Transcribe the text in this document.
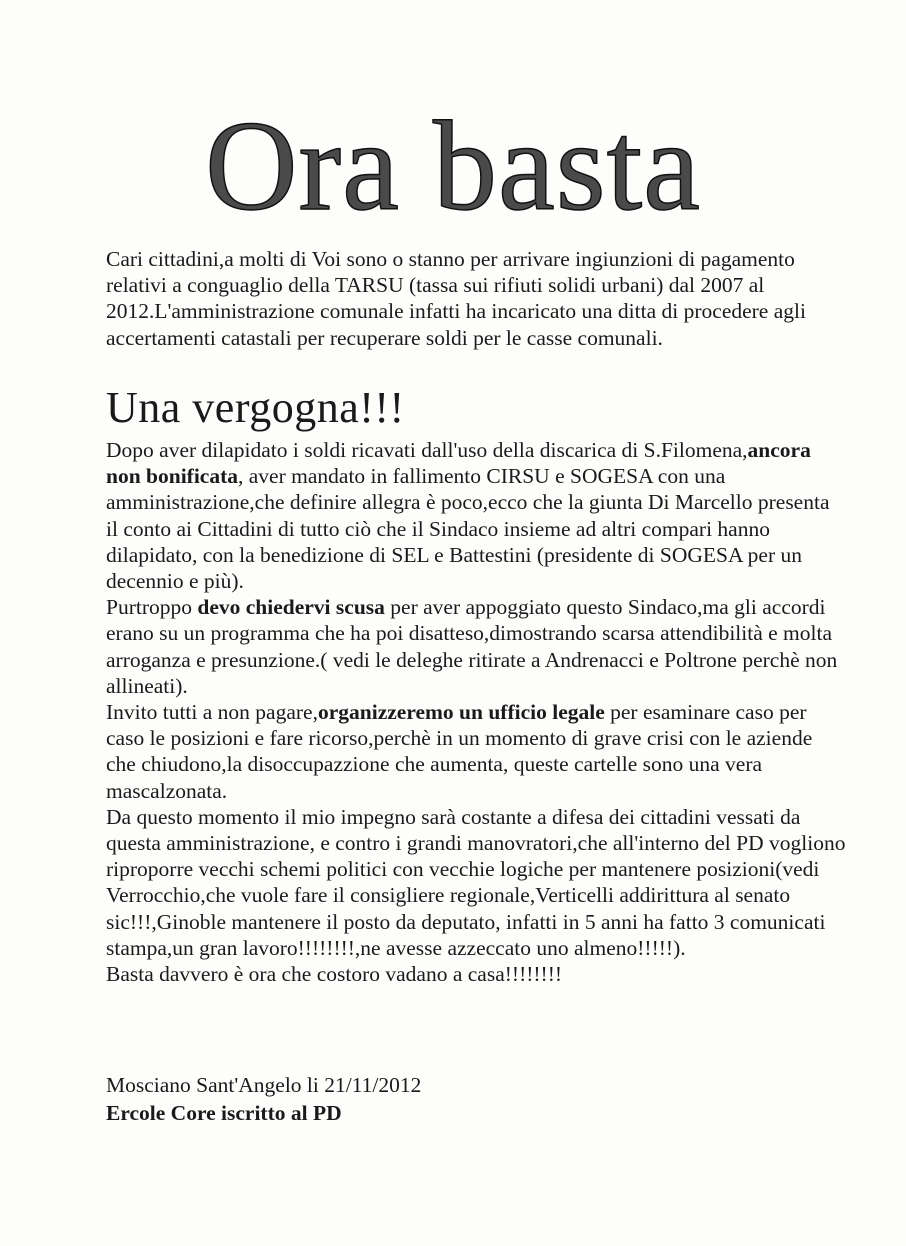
Ora basta

Cari cittadini,a molti di Voi sono o stanno per arrivare ingiunzioni di pagamento relativi a conguaglio della TARSU (tassa sui rifiuti solidi urbani) dal 2007 al 2012.L'amministrazione comunale infatti ha incaricato una ditta di procedere agli accertamenti catastali per recuperare soldi per le casse comunali.

Una vergogna!!!

Dopo aver dilapidato i soldi ricavati dall'uso della discarica di S.Filomena,ancora non bonificata, aver mandato in fallimento CIRSU e SOGESA con una amministrazione,che definire allegra è poco,ecco che la giunta Di Marcello presenta il conto ai Cittadini di tutto ciò che il Sindaco insieme ad altri compari hanno dilapidato, con la benedizione di SEL e Battestini (presidente di SOGESA per un decennio e più).

Purtroppo devo chiedervi scusa per aver appoggiato questo Sindaco,ma gli accordi erano su un programma che ha poi disatteso,dimostrando scarsa attendibilità e molta arroganza e presunzione.( vedi le deleghe ritirate a Andrenacci e Poltrone perchè non allineati).

Invito tutti a non pagare,organizzeremo un ufficio legale per esaminare caso per caso le posizioni e fare ricorso,perchè in un momento di grave crisi con le aziende che chiudono,la disoccupazzione che aumenta, queste cartelle sono una vera mascalzonata.

Da questo momento il mio impegno sarà costante a difesa dei cittadini vessati da questa amministrazione, e contro i grandi manovratori,che all'interno del PD vogliono riproporre vecchi schemi politici con vecchie logiche per mantenere posizioni(vedi Verrocchio,che vuole fare il consigliere regionale,Verticelli addirittura al senato sic!!!,Ginoble mantenere il posto da deputato, infatti in 5 anni ha fatto 3 comunicati stampa,un gran lavoro!!!!!!!!,ne avesse azzeccato uno almeno!!!!!).

Basta davvero è ora che costoro vadano a casa!!!!!!!!

Mosciano Sant'Angelo li 21/11/2012
Ercole Core iscritto al PD
